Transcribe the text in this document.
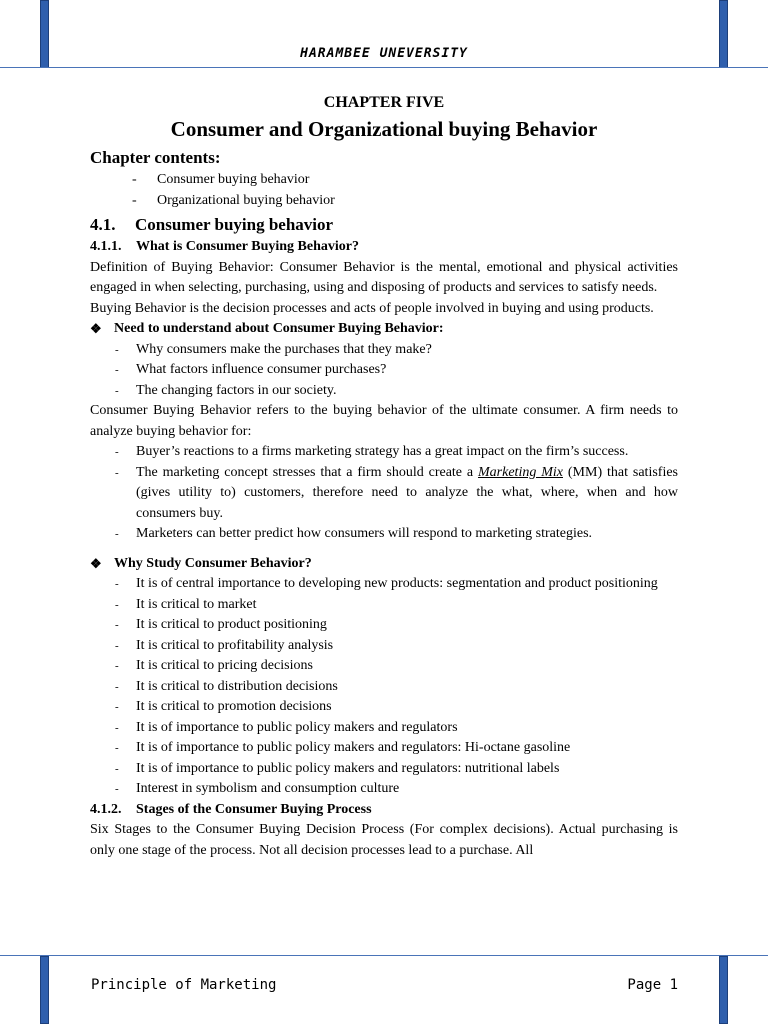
HARAMBEE UNEVERSITY
Principle of Marketing	Page 1
CHAPTER FIVE
Consumer and Organizational buying Behavior
Chapter contents:
- Consumer buying behavior
- Organizational buying behavior
4.1. Consumer buying behavior
4.1.1. What is Consumer Buying Behavior?

Definition of Buying Behavior: Consumer Behavior is the mental, emotional and physical activities engaged in when selecting, purchasing, using and disposing of products and services to satisfy needs.

Buying Behavior is the decision processes and acts of people involved in buying and using products.

❖ Need to understand about Consumer Buying Behavior:
- Why consumers make the purchases that they make?
- What factors influence consumer purchases?
- The changing factors in our society.

Consumer Buying Behavior refers to the buying behavior of the ultimate consumer. A firm needs to analyze buying behavior for:

- Buyer’s reactions to a firms marketing strategy has a great impact on the firm’s success.
- The marketing concept stresses that a firm should create a Marketing Mix (MM) that satisfies (gives utility to) customers, therefore need to analyze the what, where, when and how consumers buy.
- Marketers can better predict how consumers will respond to marketing strategies.
❖ Why Study Consumer Behavior?
- It is of central importance to developing new products: segmentation and product positioning
- It is critical to market
- It is critical to product positioning
- It is critical to profitability analysis
- It is critical to pricing decisions
- It is critical to distribution decisions
- It is critical to promotion decisions
- It is of importance to public policy makers and regulators
- It is of importance to public policy makers and regulators: Hi-octane gasoline
- It is of importance to public policy makers and regulators: nutritional labels
- Interest in symbolism and consumption culture
4.1.2. Stages of the Consumer Buying Process

Six Stages to the Consumer Buying Decision Process (For complex decisions). Actual purchasing is only one stage of the process. Not all decision processes lead to a purchase. All
